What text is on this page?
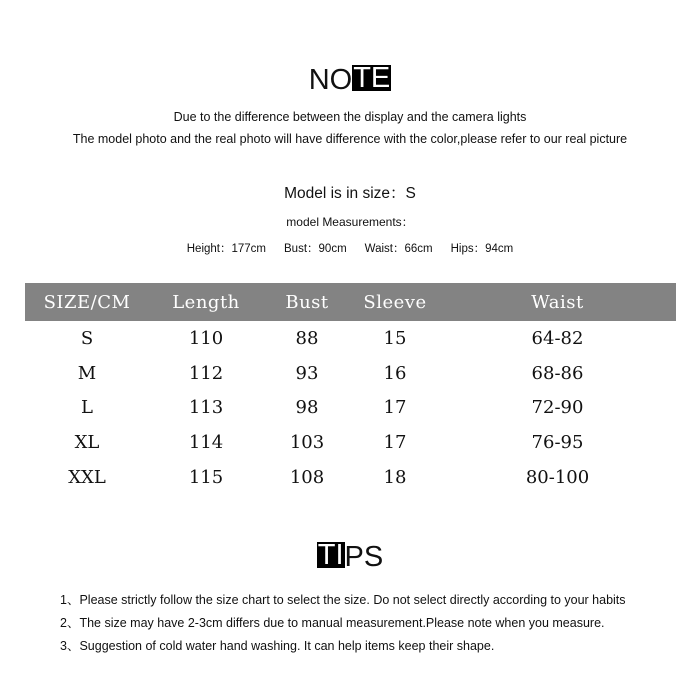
NOTE
Due to the difference between the display and the camera lights
The model photo and the real photo will have difference with the color,please refer to our real picture
Model is in size：S
model Measurements：
Height：177cm Bust：90cm Waist：66cm Hips：94cm
SIZE/CM	Length	Bust	Sleeve	Waist
S	110	88	15	64-82
M	112	93	16	68-86
L	113	98	17	72-90
XL	114	103	17	76-95
XXL	115	108	18	80-100
TIPS
1、Please strictly follow the size chart to select the size. Do not select directly according to your habits
2、The size may have 2-3cm differs due to manual measurement.Please note when you measure.
3、Suggestion of cold water hand washing. It can help items keep their shape.
